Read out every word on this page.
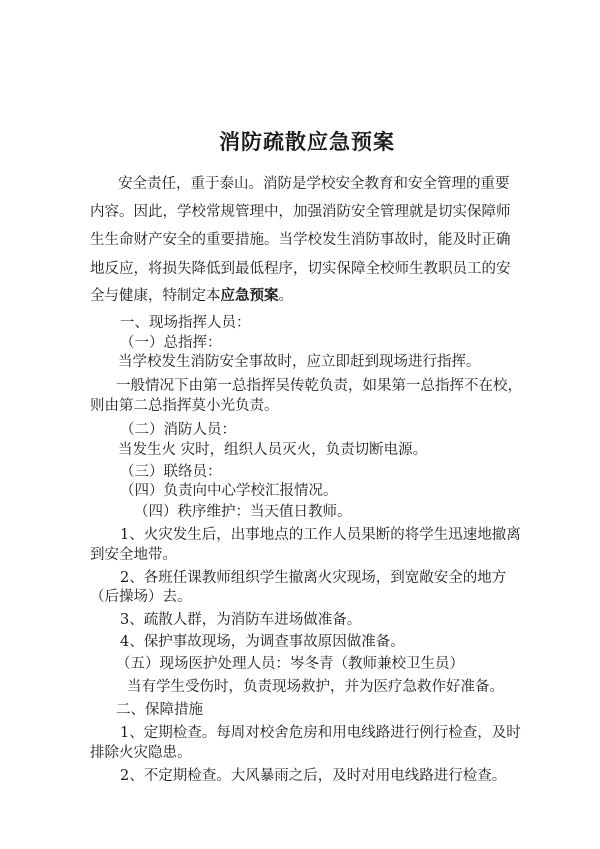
消防疏散应急预案
安全责任，重于泰山。消防是学校安全教育和安全管理的重要
内容。因此，学校常规管理中，加强消防安全管理就是切实保障师
生生命财产安全的重要措施。当学校发生消防事故时，能及时正确
地反应，将损失降低到最低程序，切实保障全校师生教职员工的安
全与健康，特制定本应急预案。
一、现场指挥人员：
（一）总指挥：
当学校发生消防安全事故时，应立即赶到现场进行指挥。
一般情况下由第一总指挥吴传乾负责，如果第一总指挥不在校，
则由第二总指挥莫小光负责。
（二）消防人员：
当发生火 灾时，组织人员灭火，负责切断电源。
（三）联络员：
（四）负责向中心学校汇报情况。
（四）秩序维护：当天值日教师。
1、火灾发生后，出事地点的工作人员果断的将学生迅速地撤离
到安全地带。
2、各班任课教师组织学生撤离火灾现场，到宽敞安全的地方
（后操场）去。
3、疏散人群，为消防车进场做准备。
4、保护事故现场，为调查事故原因做准备。
（五）现场医护处理人员：岑冬青（教师兼校卫生员）
当有学生受伤时，负责现场救护，并为医疗急救作好准备。
二、保障措施
1、定期检查。每周对校舍危房和用电线路进行例行检查，及时
排除火灾隐患。
2、不定期检查。大风暴雨之后，及时对用电线路进行检查。
